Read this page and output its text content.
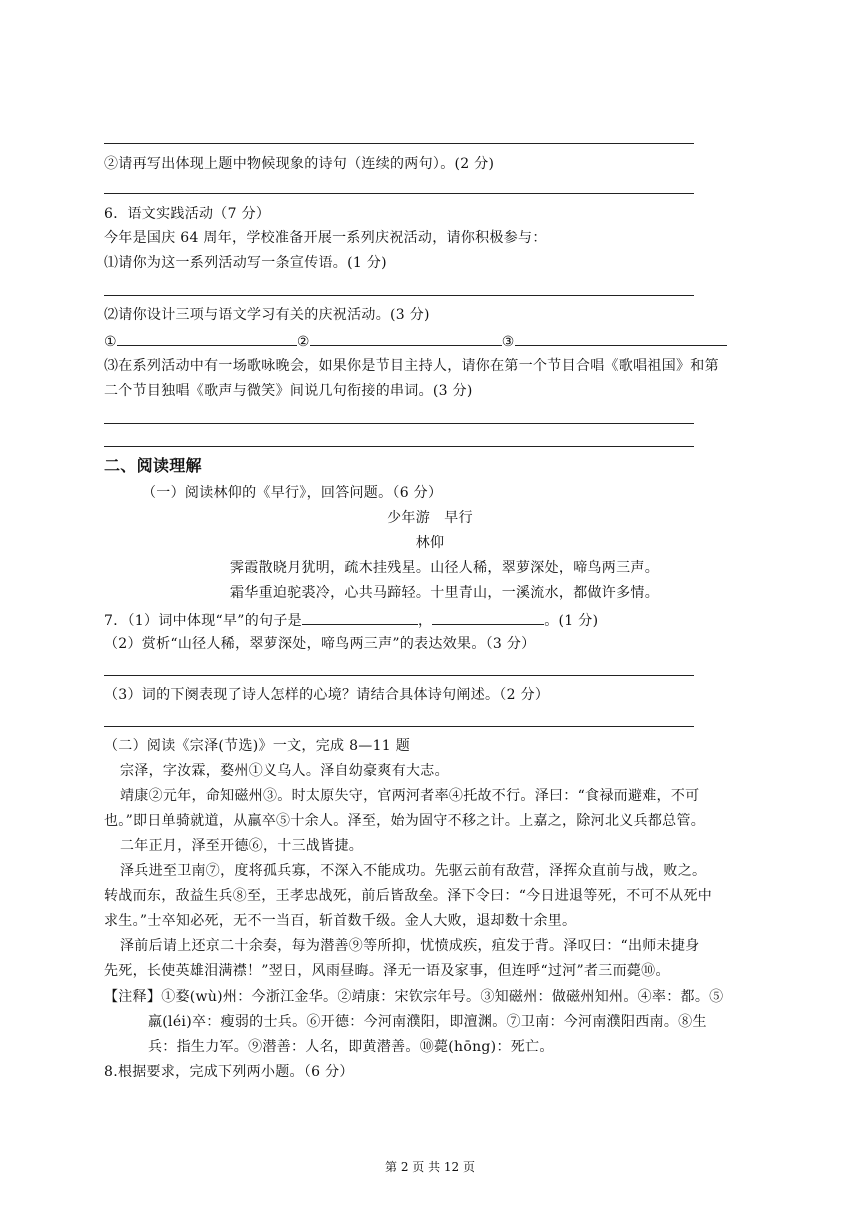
②请再写出体现上题中物候现象的诗句（连续的两句）。(2 分)
6．语文实践活动（7 分）
今年是国庆 64 周年，学校准备开展一系列庆祝活动，请你积极参与：
⑴请你为这一系列活动写一条宣传语。(1 分)
⑵请你设计三项与语文学习有关的庆祝活动。(3 分)
①	②	③
⑶在系列活动中有一场歌咏晚会，如果你是节目主持人，请你在第一个节目合唱《歌唱祖国》和第
二个节目独唱《歌声与微笑》间说几句衔接的串词。(3 分)
二、阅读理解
（一）阅读林仰的《早行》，回答问题。（6 分）
少年游　早行
林仰
霁霞散晓月犹明，疏木挂残星。山径人稀，翠萝深处，啼鸟两三声。
霜华重迫驼裘冷，心共马蹄轻。十里青山，一溪流水，都做许多情。
7．（1）词中体现“早”的句子是	，	。(1 分)
（2）赏析“山径人稀，翠萝深处，啼鸟两三声”的表达效果。（3 分）
（3）词的下阕表现了诗人怎样的心境？请结合具体诗句阐述。（2 分）
（二）阅读《宗泽(节选)》一文，完成 8—11 题
宗泽，字汝霖，婺州①义乌人。泽自幼豪爽有大志。
靖康②元年，命知磁州③。时太原失守，官两河者率④托故不行。泽曰：“食禄而避难，不可
也。”即日单骑就道，从羸卒⑤十余人。泽至，始为固守不移之计。上嘉之，除河北义兵都总管。
二年正月，泽至开德⑥，十三战皆捷。
泽兵进至卫南⑦，度将孤兵寡，不深入不能成功。先驱云前有敌营，泽挥众直前与战，败之。
转战而东，敌益生兵⑧至，王孝忠战死，前后皆敌垒。泽下令曰：“今日进退等死，不可不从死中
求生。”士卒知必死，无不一当百，斩首数千级。金人大败，退却数十余里。
泽前后请上还京二十余奏，每为潜善⑨等所抑，忧愤成疾，疽发于背。泽叹曰：“出师未捷身
先死，长使英雄泪满襟！”翌日，风雨昼晦。泽无一语及家事，但连呼“过河”者三而薨⑩。
【注释】①婺(wù)州：今浙江金华。②靖康：宋钦宗年号。③知磁州：做磁州知州。④率：都。⑤
羸(léi)卒：瘦弱的士兵。⑥开德：今河南濮阳，即澶渊。⑦卫南：今河南濮阳西南。⑧生
兵：指生力军。⑨潜善：人名，即黄潜善。⑩薨(hōng)：死亡。
8.根据要求，完成下列两小题。（6 分）
第 2 页 共 12 页
